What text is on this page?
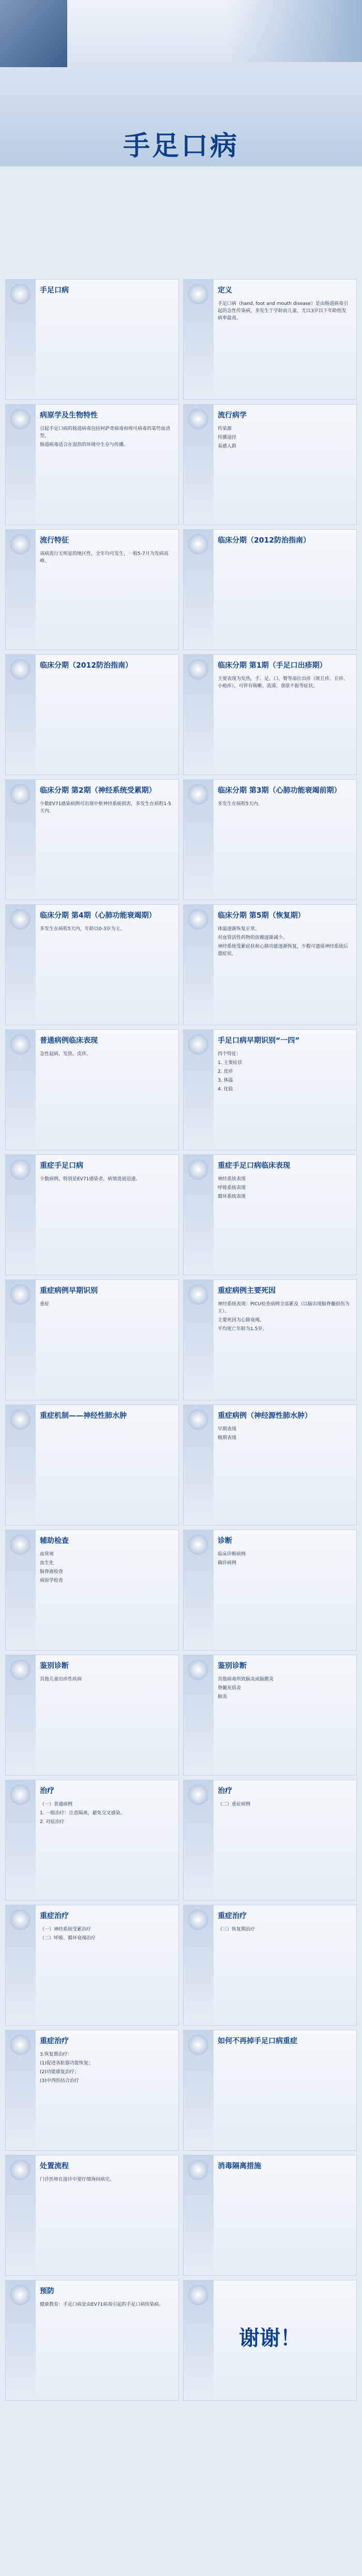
手足口病
手足口病	定义

手足口病（hand, foot and mouth disease）是由肠道病毒引起的急性传染病，多发生于学龄前儿童，尤以3岁以下年龄组发病率最高。

病原学及生物特性

引起手足口病的肠道病毒包括柯萨奇病毒和埃可病毒的某些血清型。

肠道病毒适合在湿热的环境中生存与传播。

流行病学

传染源

传播途径

易感人群

流行特征

该病流行无明显的地区性，全年均可发生，一般5-7月为发病高峰。

临床分期（2012防治指南）
临床分期（2012防治指南）	临床分期 第1期（手足口出疹期）

主要表现为发热，手、足、口、臀等部位出疹（斑丘疹、丘疹、小疱疹），可伴有咳嗽、流涕、食欲不振等症状。

临床分期 第2期（神经系统受累期）

少数EV71感染病例可出现中枢神经系统损害，多发生在病程1-5天内。

临床分期 第3期（心肺功能衰竭前期）

多发生在病程5天内。

临床分期 第4期（心肺功能衰竭期）

多发生在病程5天内，年龄以0-3岁为主。

临床分期 第5期（恢复期）

体温逐渐恢复正常。

对血管活性药物的依赖逐渐减少。

神经系统受累症状和心肺功能逐渐恢复，少数可遗留神经系统后遗症状。

普通病例临床表现

急性起病，发热、皮疹。

手足口病早期识别“一四”

四个特征：

1. 主要症状

2. 皮疹

3. 体温

4. 化验

重症手足口病

少数病例，特别是EV71感染者，病情进展迅速。

重症手足口病临床表现

神经系统表现

呼吸系统表现

循环系统表现

重症病例早期识别

重症

重症病例主要死因

神经系统表现：PICU检查病例全部累及（以脑出现脑脊髓损伤为主）。

主要死因为心肺衰竭。

平均死亡年龄为1.5岁。

重症机制——神经性肺水肿	重症病例（神经源性肺水肿）

早期表现

晚期表现

辅助检查

血常规

血生化

脑脊液检查

病原学检查

诊断

临床诊断病例

确诊病例

鉴别诊断

其他儿童出疹性疾病

鉴别诊断

其他病毒所致脑炎或脑膜炎

脊髓灰质炎

肺炎

治疗

（一）普通病例

1. 一般治疗：注意隔离，避免交叉感染。

2. 对症治疗

治疗

（二）重症病例

重症治疗

（一）神经系统受累治疗

（二）呼吸、循环衰竭治疗

重症治疗

（三）恢复期治疗

重症治疗

3.恢复期治疗：

(1)促进各脏器功能恢复；

(2)功能康复治疗；

(3)中西医结合治疗

如何不再掉手足口病重症
处置流程

门诊医师在接诊中要仔细询问病史。

消毒隔离措施
预防

健康教育：手足口病是由EV71病毒引起的手足口病传染病。

谢谢！
